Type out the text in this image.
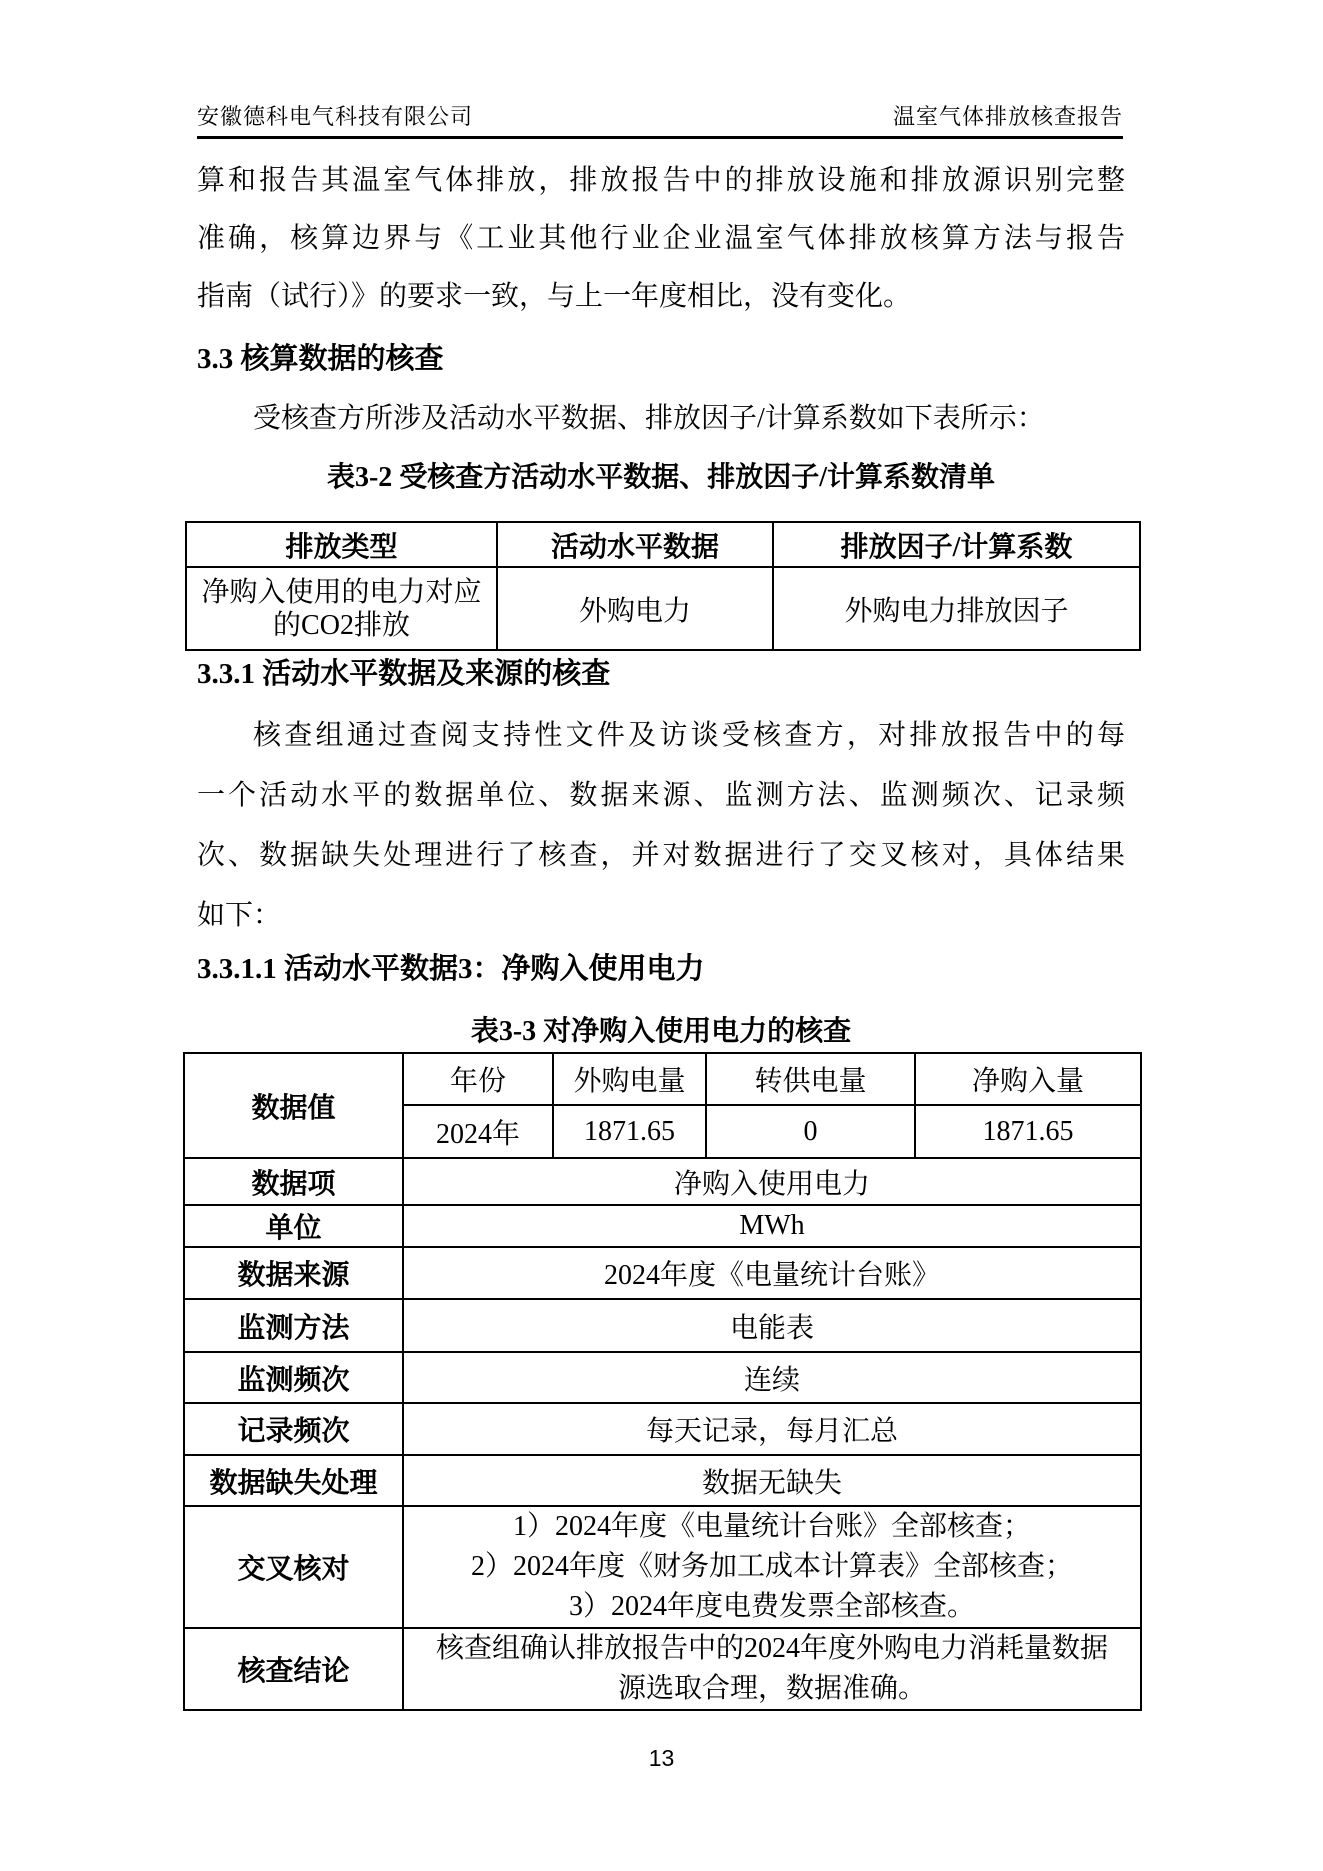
安徽德科电气科技有限公司	温室气体排放核查报告
算和报告其温室气体排放，排放报告中的排放设施和排放源识别完整
准确，核算边界与《工业其他行业企业温室气体排放核算方法与报告
指南（试行）》的要求一致，与上一年度相比，没有变化。
3.3 核算数据的核查
受核查方所涉及活动水平数据、排放因子/计算系数如下表所示：
表3-2 受核查方活动水平数据、排放因子/计算系数清单
排放类型	活动水平数据	排放因子/计算系数
净购入使用的电力对应的CO2排放	外购电力	外购电力排放因子
3.3.1 活动水平数据及来源的核查
核查组通过查阅支持性文件及访谈受核查方，对排放报告中的每
一个活动水平的数据单位、数据来源、监测方法、监测频次、记录频
次、数据缺失处理进行了核查，并对数据进行了交叉核对，具体结果
如下：
3.3.1.1 活动水平数据3：净购入使用电力
表3-3 对净购入使用电力的核查
数据值	年份	外购电量	转供电量	净购入量
	2024年	1871.65	0	1871.65
数据项	净购入使用电力			
单位	MWh			
数据来源	2024年度《电量统计台账》			
监测方法	电能表			
监测频次	连续			
记录频次	每天记录，每月汇总			
数据缺失处理	数据无缺失			
交叉核对	1）2024年度《电量统计台账》全部核查；
2）2024年度《财务加工成本计算表》全部核查；
3）2024年度电费发票全部核查。			

核查结论	核查组确认排放报告中的2024年度外购电力消耗量数据
源选取合理，数据准确。			
13
